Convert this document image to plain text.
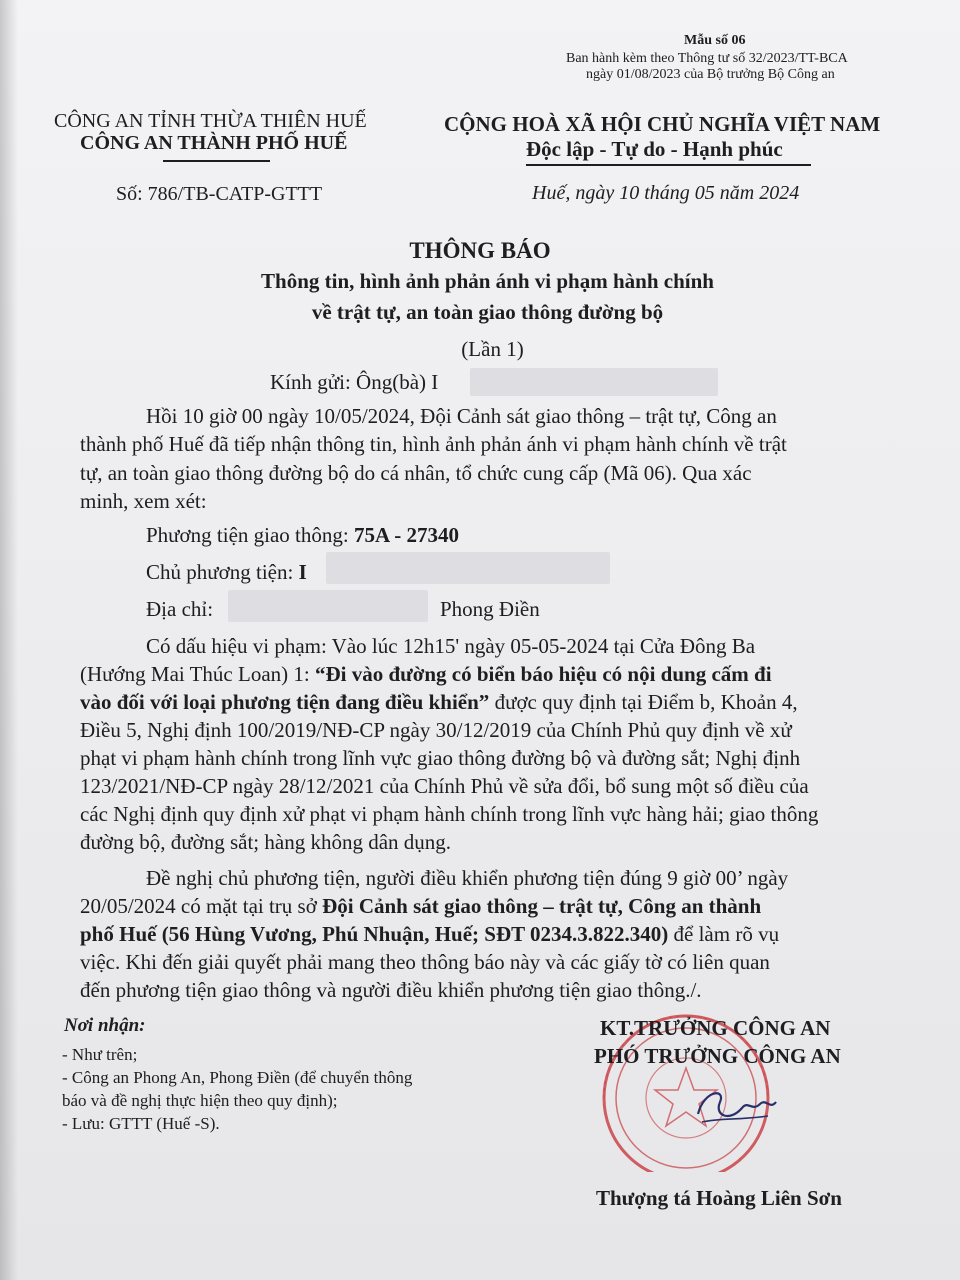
Mẫu số 06
Ban hành kèm theo Thông tư số 32/2023/TT-BCA
ngày 01/08/2023 của Bộ trưởng Bộ Công an
CÔNG AN TỈNH THỪA THIÊN HUẾ
CÔNG AN THÀNH PHỐ HUẾ
CỘNG HOÀ XÃ HỘI CHỦ NGHĨA VIỆT NAM
Độc lập - Tự do - Hạnh phúc
Số: 786/TB-CATP-GTTT	Huế, ngày 10 tháng 05 năm 2024
THÔNG BÁO
Thông tin, hình ảnh phản ánh vi phạm hành chính
về trật tự, an toàn giao thông đường bộ
(Lần 1)
Kính gửi: Ông(bà) I
Hồi 10 giờ 00 ngày 10/05/2024, Đội Cảnh sát giao thông – trật tự, Công an
thành phố Huế đã tiếp nhận thông tin, hình ảnh phản ánh vi phạm hành chính về trật
tự, an toàn giao thông đường bộ do cá nhân, tổ chức cung cấp (Mã 06). Qua xác
minh, xem xét:
Phương tiện giao thông: 75A - 27340
Chủ phương tiện: I
Địa chỉ:	Phong Điền
Có dấu hiệu vi phạm: Vào lúc 12h15' ngày 05-05-2024 tại Cửa Đông Ba
(Hướng Mai Thúc Loan) 1: “Đi vào đường có biển báo hiệu có nội dung cấm đi
vào đối với loại phương tiện đang điều khiển” được quy định tại Điểm b, Khoản 4,
Điều 5, Nghị định 100/2019/NĐ-CP ngày 30/12/2019 của Chính Phủ quy định về xử
phạt vi phạm hành chính trong lĩnh vực giao thông đường bộ và đường sắt; Nghị định
123/2021/NĐ-CP ngày 28/12/2021 của Chính Phủ về sửa đổi, bổ sung một số điều của
các Nghị định quy định xử phạt vi phạm hành chính trong lĩnh vực hàng hải; giao thông
đường bộ, đường sắt; hàng không dân dụng.
Đề nghị chủ phương tiện, người điều khiển phương tiện đúng 9 giờ 00’ ngày
20/05/2024 có mặt tại trụ sở Đội Cảnh sát giao thông – trật tự, Công an thành
phố Huế (56 Hùng Vương, Phú Nhuận, Huế; SĐT 0234.3.822.340) để làm rõ vụ
việc. Khi đến giải quyết phải mang theo thông báo này và các giấy tờ có liên quan
đến phương tiện giao thông và người điều khiển phương tiện giao thông./.
Nơi nhận:
- Như trên;
- Công an Phong An, Phong Điền (để chuyển thông
báo và đề nghị thực hiện theo quy định);
- Lưu: GTTT (Huế -S).
KT.TRƯỞNG CÔNG AN
PHÓ TRƯỞNG CÔNG AN
Thượng tá Hoàng Liên Sơn
